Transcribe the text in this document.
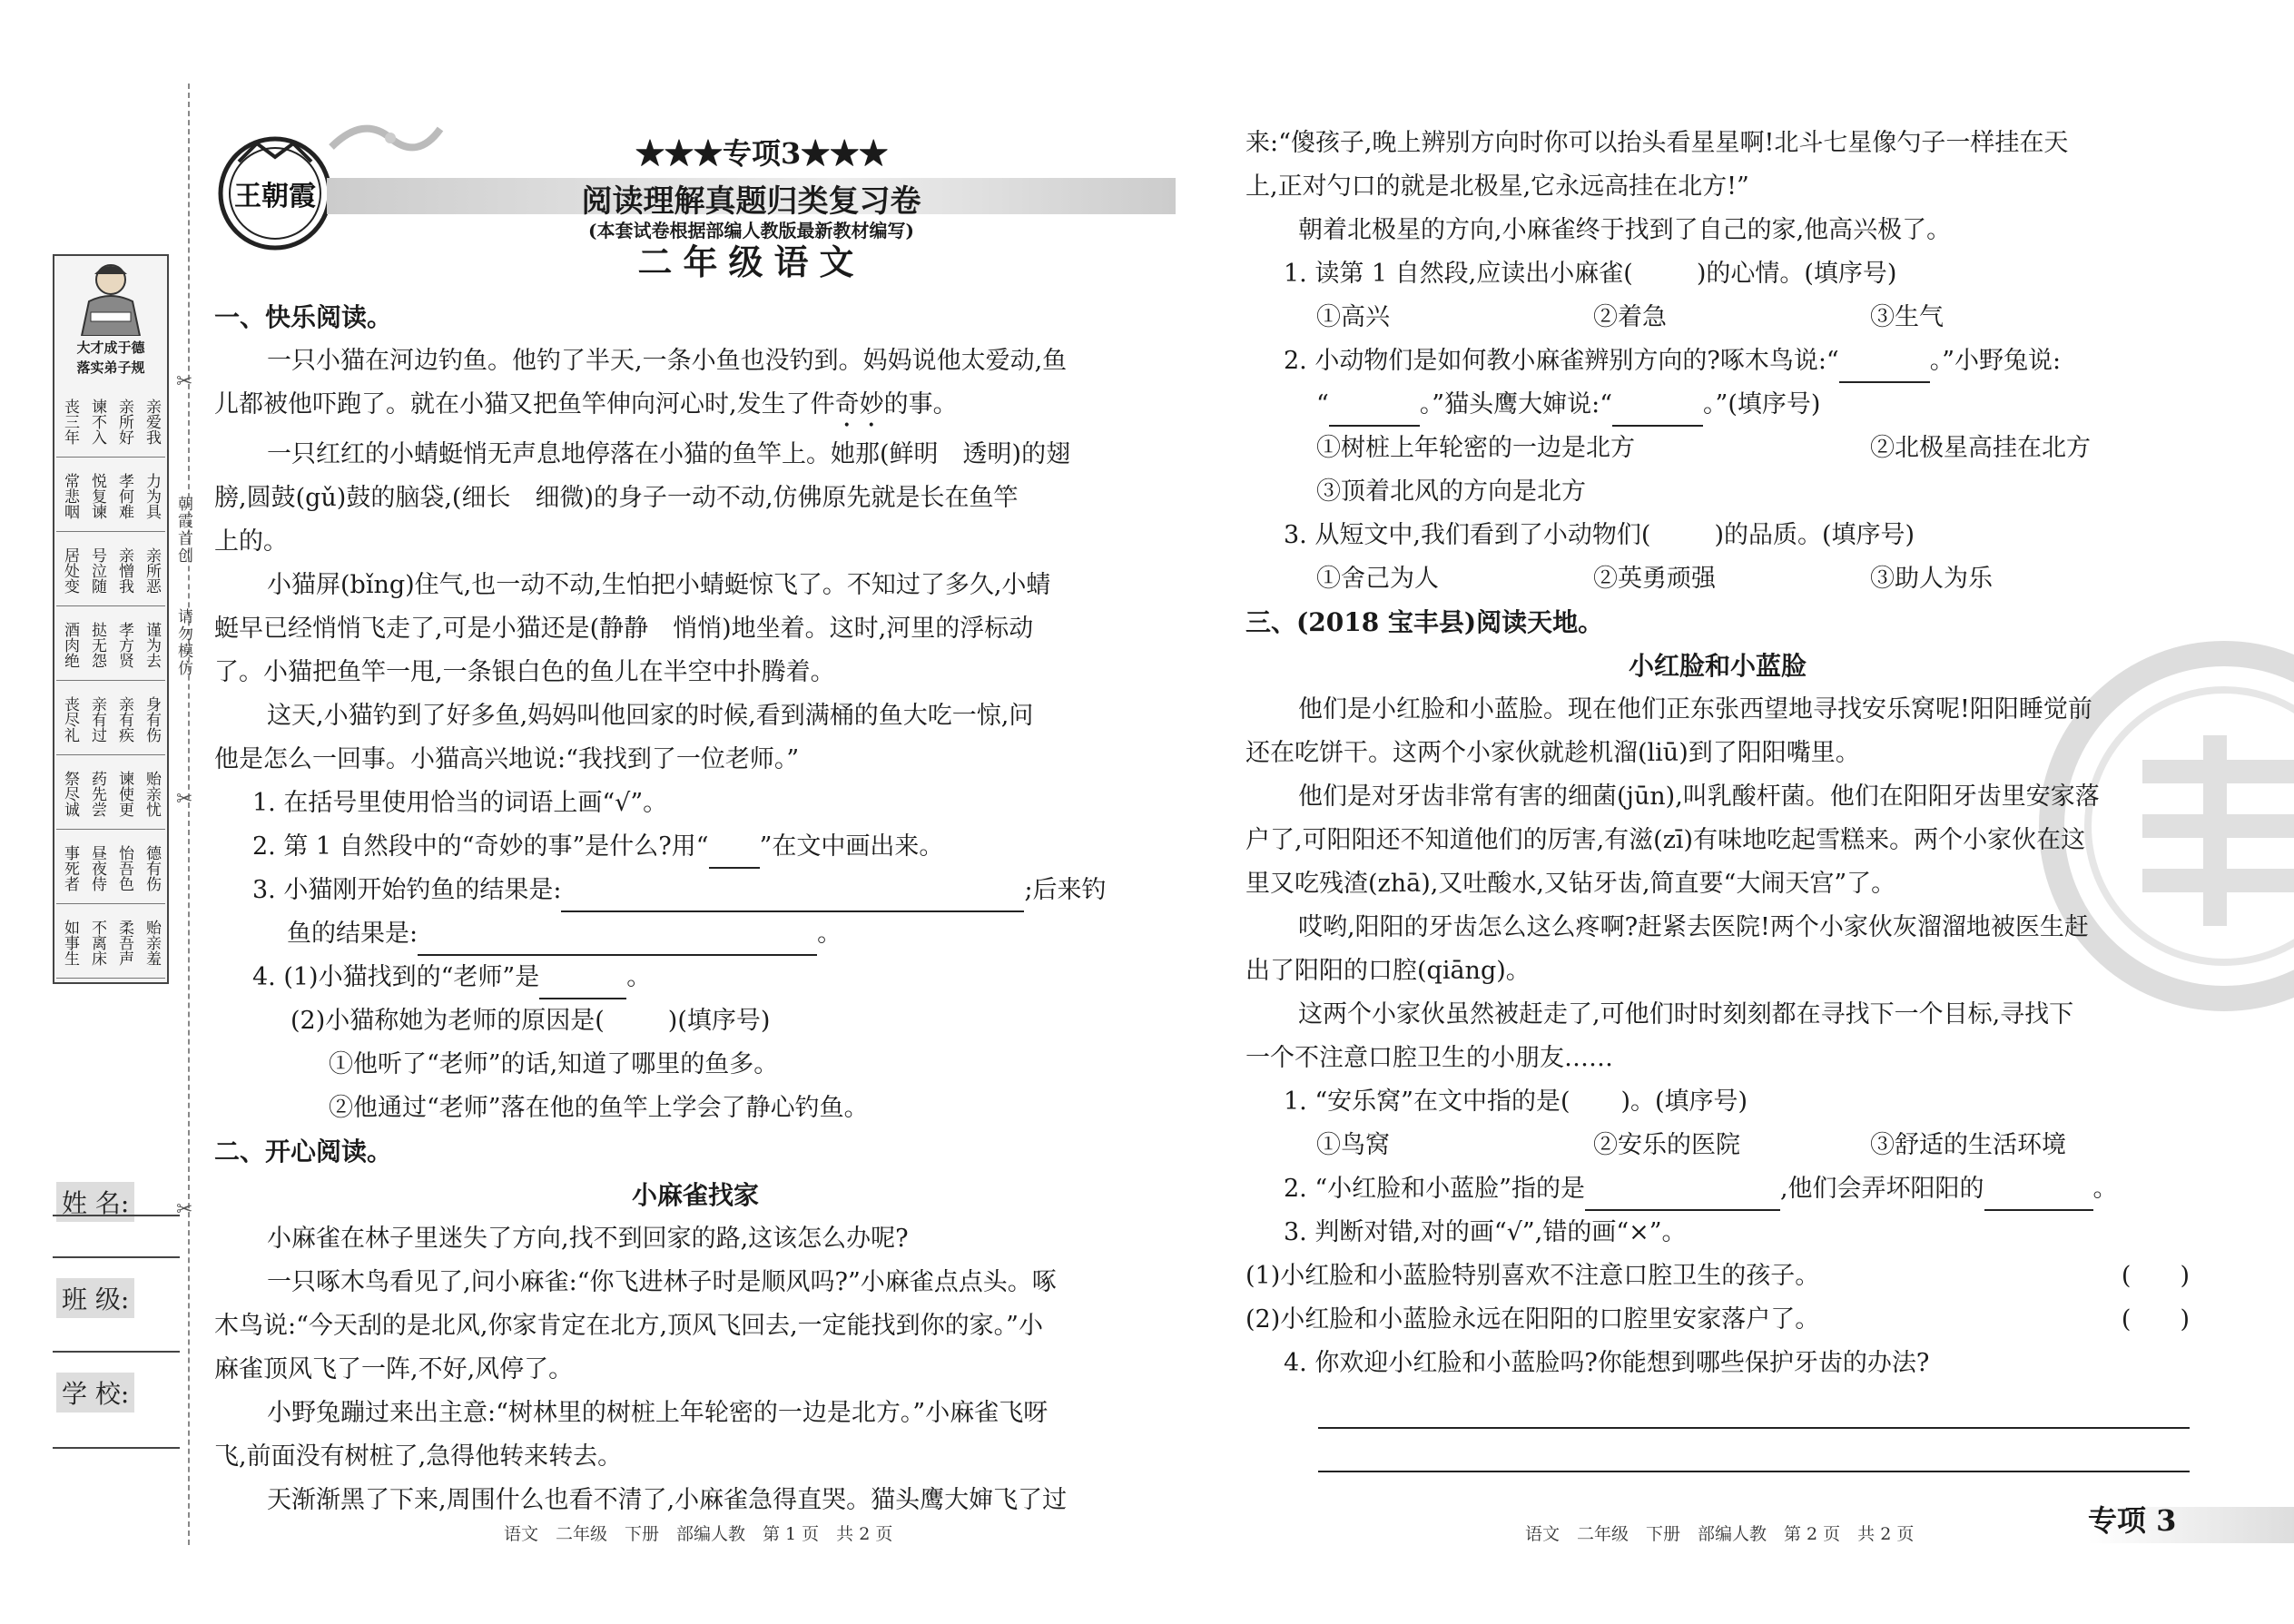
✂
✂
✂
朝霞首创
请勿模仿
大才成于德
落实弟子规
丧三年 谏不入 亲所好 亲爱我
常悲咽 悦复谏 孝何难 力为具
居处变 号泣随 亲憎我 亲所恶
酒肉绝 挞无怨 孝方贤 谨为去
丧尽礼 亲有过 亲有疾 身有伤
祭尽诚 药先尝 谏使更 贻亲忧
事死者 昼夜侍 怡吾色 德有伤
如事生 不离床 柔吾声 贻亲羞
姓 名:
班 级:
学 校:
王朝霞
★★★专项3★★★
阅读理解真题归类复习卷
(本套试卷根据部编人教版最新教材编写)
二年级语文
一、快乐阅读。
一只小猫在河边钓鱼。他钓了半天,一条小鱼也没钓到。妈妈说他太爱动,鱼
儿都被他吓跑了。就在小猫又把鱼竿伸向河心时,发生了件奇妙的事。
一只红红的小蜻蜓悄无声息地停落在小猫的鱼竿上。她那(鲜明　透明)的翅
膀,圆鼓(gǔ)鼓的脑袋,(细长　细微)的身子一动不动,仿佛原先就是长在鱼竿
上的。
小猫屏(bǐng)住气,也一动不动,生怕把小蜻蜓惊飞了。不知过了多久,小蜻
蜓早已经悄悄飞走了,可是小猫还是(静静　悄悄)地坐着。这时,河里的浮标动
了。小猫把鱼竿一甩,一条银白色的鱼儿在半空中扑腾着。
这天,小猫钓到了好多鱼,妈妈叫他回家的时候,看到满桶的鱼大吃一惊,问
他是怎么一回事。小猫高兴地说:“我找到了一位老师。”
1. 在括号里使用恰当的词语上画“√”。
2. 第 1 自然段中的“奇妙的事”是什么?用“ ”在文中画出来。
3. 小猫刚开始钓鱼的结果是:	;后来钓
鱼的结果是:	。
4. (1)小猫找到的“老师”是	。
(2)小猫称她为老师的原因是(	)(填序号)
①他听了“老师”的话,知道了哪里的鱼多。
②他通过“老师”落在他的鱼竿上学会了静心钓鱼。
二、开心阅读。
小麻雀找家
小麻雀在林子里迷失了方向,找不到回家的路,这该怎么办呢?
一只啄木鸟看见了,问小麻雀:“你飞进林子时是顺风吗?”小麻雀点点头。啄
木鸟说:“今天刮的是北风,你家肯定在北方,顶风飞回去,一定能找到你的家。”小
麻雀顶风飞了一阵,不好,风停了。
小野兔蹦过来出主意:“树林里的树桩上年轮密的一边是北方。”小麻雀飞呀
飞,前面没有树桩了,急得他转来转去。
天渐渐黑了下来,周围什么也看不清了,小麻雀急得直哭。猫头鹰大婶飞了过
来:“傻孩子,晚上辨别方向时你可以抬头看星星啊!北斗七星像勺子一样挂在天
上,正对勺口的就是北极星,它永远高挂在北方!”
朝着北极星的方向,小麻雀终于找到了自己的家,他高兴极了。
1. 读第 1 自然段,应读出小麻雀(	)的心情。(填序号)
①高兴	②着急	③生气
2. 小动物们是如何教小麻雀辨别方向的?啄木鸟说:“	。”小野兔说:
“	。”猫头鹰大婶说:“	。”(填序号)
①树桩上年轮密的一边是北方	②北极星高挂在北方
③顶着北风的方向是北方
3. 从短文中,我们看到了小动物们(	)的品质。(填序号)
①舍己为人	②英勇顽强	③助人为乐
三、(2018 宝丰县)阅读天地。
小红脸和小蓝脸
他们是小红脸和小蓝脸。现在他们正东张西望地寻找安乐窝呢!阳阳睡觉前
还在吃饼干。这两个小家伙就趁机溜(liū)到了阳阳嘴里。
他们是对牙齿非常有害的细菌(jūn),叫乳酸杆菌。他们在阳阳牙齿里安家落
户了,可阳阳还不知道他们的厉害,有滋(zī)有味地吃起雪糕来。两个小家伙在这
里又吃残渣(zhā),又吐酸水,又钻牙齿,简直要“大闹天宫”了。
哎哟,阳阳的牙齿怎么这么疼啊?赶紧去医院!两个小家伙灰溜溜地被医生赶
出了阳阳的口腔(qiāng)。
这两个小家伙虽然被赶走了,可他们时时刻刻都在寻找下一个目标,寻找下
一个不注意口腔卫生的小朋友……
1. “安乐窝”在文中指的是( )。(填序号)
①鸟窝	②安乐的医院	③舒适的生活环境
2. “小红脸和小蓝脸”指的是	,他们会弄坏阳阳的	。
3. 判断对错,对的画“√”,错的画“×”。
(1)小红脸和小蓝脸特别喜欢不注意口腔卫生的孩子。	(　　)
(2)小红脸和小蓝脸永远在阳阳的口腔里安家落户了。	(　　)
4. 你欢迎小红脸和小蓝脸吗?你能想到哪些保护牙齿的办法?
语文　二年级　下册　部编人教　第 1 页　共 2 页	语文　二年级　下册　部编人教　第 2 页　共 2 页	专项 3
